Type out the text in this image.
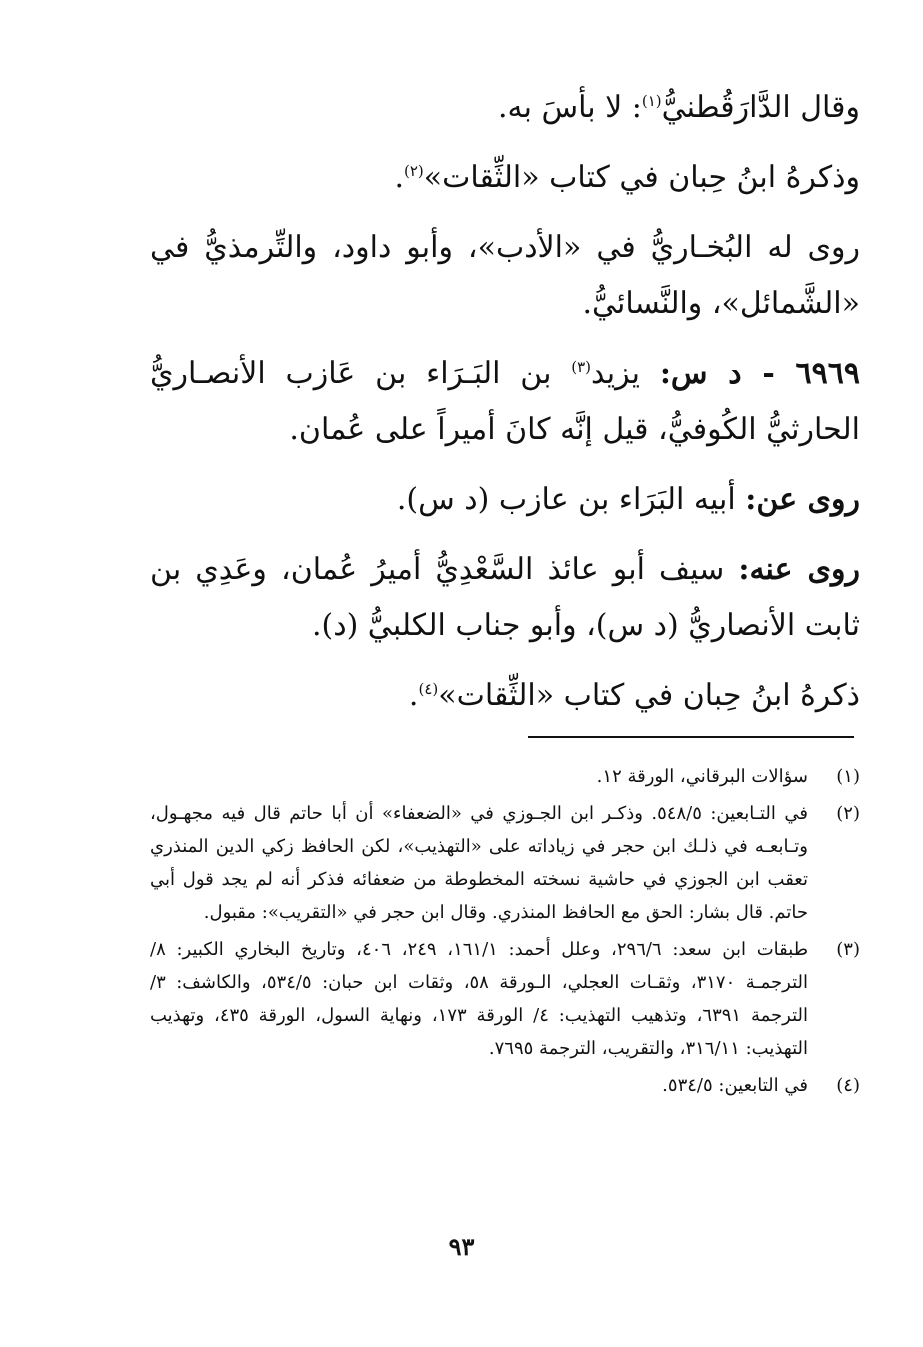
وقال الدَّارَقُطنيُّ$^{(١)}$: لا بأسَ به.

وذكرهُ ابنُ حِبان في كتاب «الثِّقات»$^{(٢)}$.

روى له البُخـاريُّ في «الأدب»، وأبو داود، والتِّرمذيُّ في «الشَّمائل»، والنَّسائيُّ.

٦٩٦٩ - د س: يزيد$^{(٣)}$ بن البَـرَاء بن عَازب الأنصـاريُّ الحارثيُّ الكُوفيُّ، قيل إنَّه كانَ أميراً على عُمان.

روى عن: أبيه البَرَاء بن عازب (د س).

روى عنه: سيف أبو عائذ السَّعْدِيُّ أميرُ عُمان، وعَدِي بن ثابت الأنصاريُّ (د س)، وأبو جناب الكلبيُّ (د).

ذكرهُ ابنُ حِبان في كتاب «الثِّقات»$^{(٤)}$.

(١)
سؤالات البرقاني، الورقة ١٢.
(٢)
في التـابعين: ٥٤٨/٥. وذكـر ابن الجـوزي في «الضعفاء» أن أبا حاتم قال فيه مجهـول، وتـابعـه في ذلـك ابن حجر في زياداته على «التهذيب»، لكن الحافظ زكي الدين المنذري تعقب ابن الجوزي في حاشية نسخته المخطوطة من ضعفائه فذكر أنه لم يجد قول أبي حاتم. قال بشار: الحق مع الحافظ المنذري. وقال ابن حجر في «التقريب»: مقبول.
(٣)
طبقات ابن سعد: ٢٩٦/٦، وعلل أحمد: ١٦١/١، ٢٤٩، ٤٠٦، وتاريخ البخاري الكبير: ٨/ الترجمـة ٣١٧٠، وثقـات العجلي، الـورقة ٥٨، وثقات ابن حبان: ٥٣٤/٥، والكاشف: ٣/ الترجمة ٦٣٩١، وتذهيب التهذيب: ٤/ الورقة ١٧٣، ونهاية السول، الورقة ٤٣٥، وتهذيب التهذيب: ٣١٦/١١، والتقريب، الترجمة ٧٦٩٥.
(٤)
في التابعين: ٥٣٤/٥.
٩٣
